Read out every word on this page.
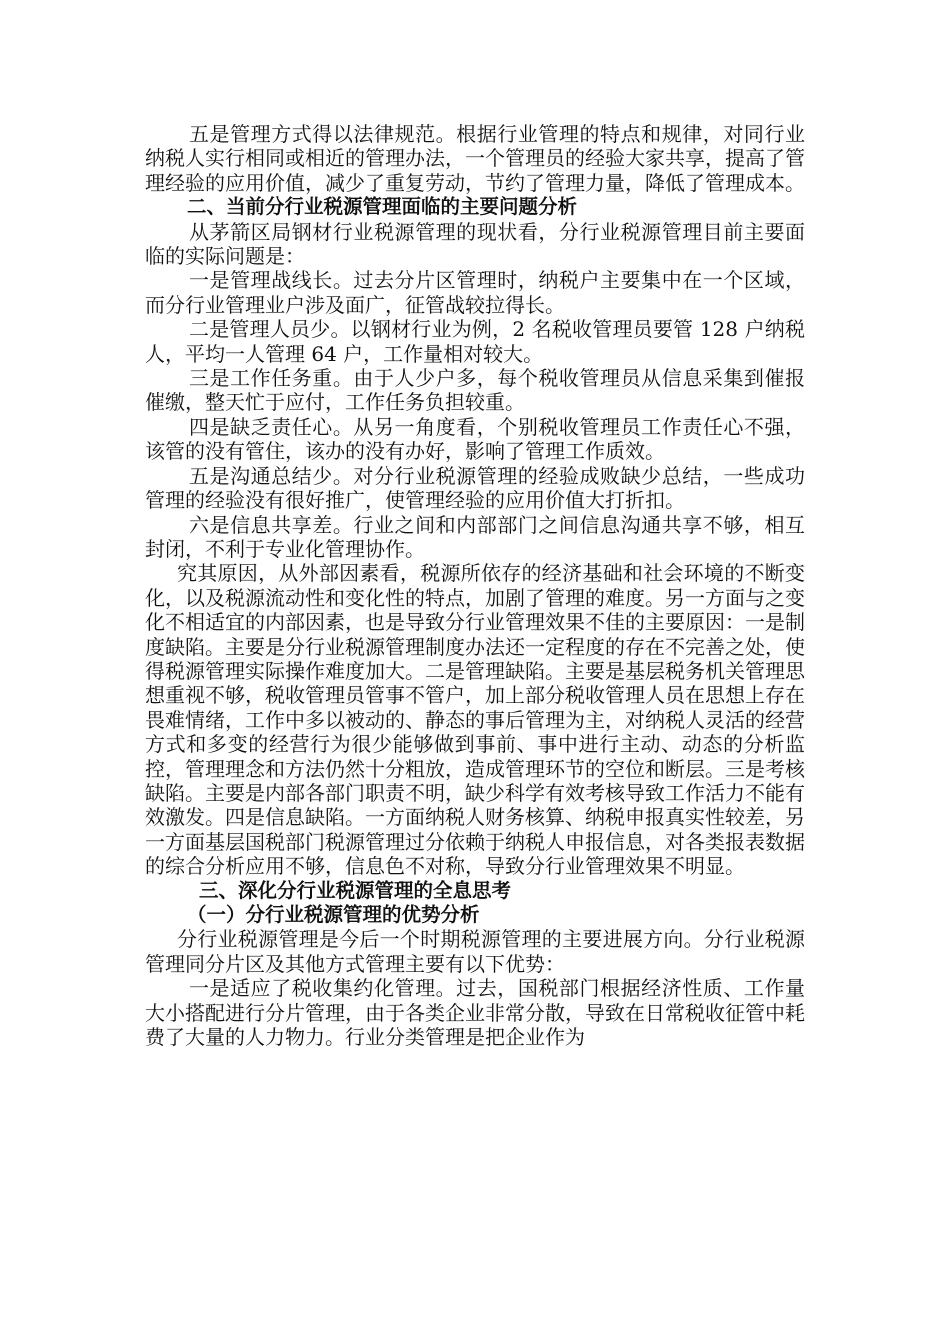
五是管理方式得以法律规范。根据行业管理的特点和规律，对同行业纳税人实行相同或相近的管理办法，一个管理员的经验大家共享，提高了管理经验的应用价值，减少了重复劳动，节约了管理力量，降低了管理成本。

二、当前分行业税源管理面临的主要问题分析

从茅箭区局钢材行业税源管理的现状看，分行业税源管理目前主要面临的实际问题是：

一是管理战线长。过去分片区管理时，纳税户主要集中在一个区域，而分行业管理业户涉及面广，征管战较拉得长。

二是管理人员少。以钢材行业为例，2 名税收管理员要管 128 户纳税人，平均一人管理 64 户，工作量相对较大。

三是工作任务重。由于人少户多，每个税收管理员从信息采集到催报催缴，整天忙于应付，工作任务负担较重。

四是缺乏责任心。从另一角度看，个别税收管理员工作责任心不强，该管的没有管住，该办的没有办好，影响了管理工作质效。

五是沟通总结少。对分行业税源管理的经验成败缺少总结，一些成功管理的经验没有很好推广，使管理经验的应用价值大打折扣。

六是信息共享差。行业之间和内部部门之间信息沟通共享不够，相互封闭，不利于专业化管理协作。

究其原因，从外部因素看，税源所依存的经济基础和社会环境的不断变化，以及税源流动性和变化性的特点，加剧了管理的难度。另一方面与之变化不相适宜的内部因素，也是导致分行业管理效果不佳的主要原因：一是制度缺陷。主要是分行业税源管理制度办法还一定程度的存在不完善之处，使得税源管理实际操作难度加大。二是管理缺陷。主要是基层税务机关管理思想重视不够，税收管理员管事不管户，加上部分税收管理人员在思想上存在畏难情绪，工作中多以被动的、静态的事后管理为主，对纳税人灵活的经营方式和多变的经营行为很少能够做到事前、事中进行主动、动态的分析监控，管理理念和方法仍然十分粗放，造成管理环节的空位和断层。三是考核缺陷。主要是内部各部门职责不明，缺少科学有效考核导致工作活力不能有效激发。四是信息缺陷。一方面纳税人财务核算、纳税申报真实性较差，另一方面基层国税部门税源管理过分依赖于纳税人申报信息，对各类报表数据的综合分析应用不够，信息色不对称，导致分行业管理效果不明显。

三、深化分行业税源管理的全息思考

（一）分行业税源管理的优势分析

分行业税源管理是今后一个时期税源管理的主要进展方向。分行业税源管理同分片区及其他方式管理主要有以下优势：

一是适应了税收集约化管理。过去，国税部门根据经济性质、工作量大小搭配进行分片管理，由于各类企业非常分散，导致在日常税收征管中耗费了大量的人力物力。行业分类管理是把企业作为
